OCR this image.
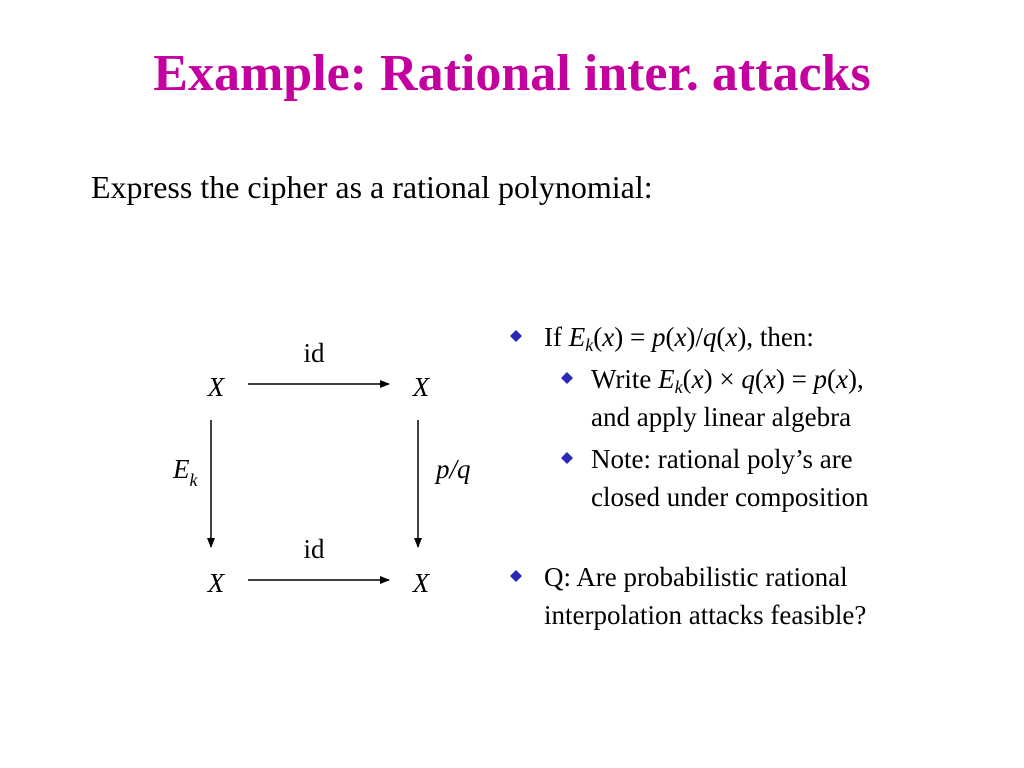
Example: Rational inter. attacks
Express the cipher as a rational polynomial:
X	X
X	X
id
id
$E_k$	p/q
If $E_k(x) = p(x)/q(x)$, then:
Write $E_k(x) \times q(x) = p(x)$,
and apply linear algebra
Note: rational poly’s are
closed under composition
Q: Are probabilistic rational
interpolation attacks feasible?
